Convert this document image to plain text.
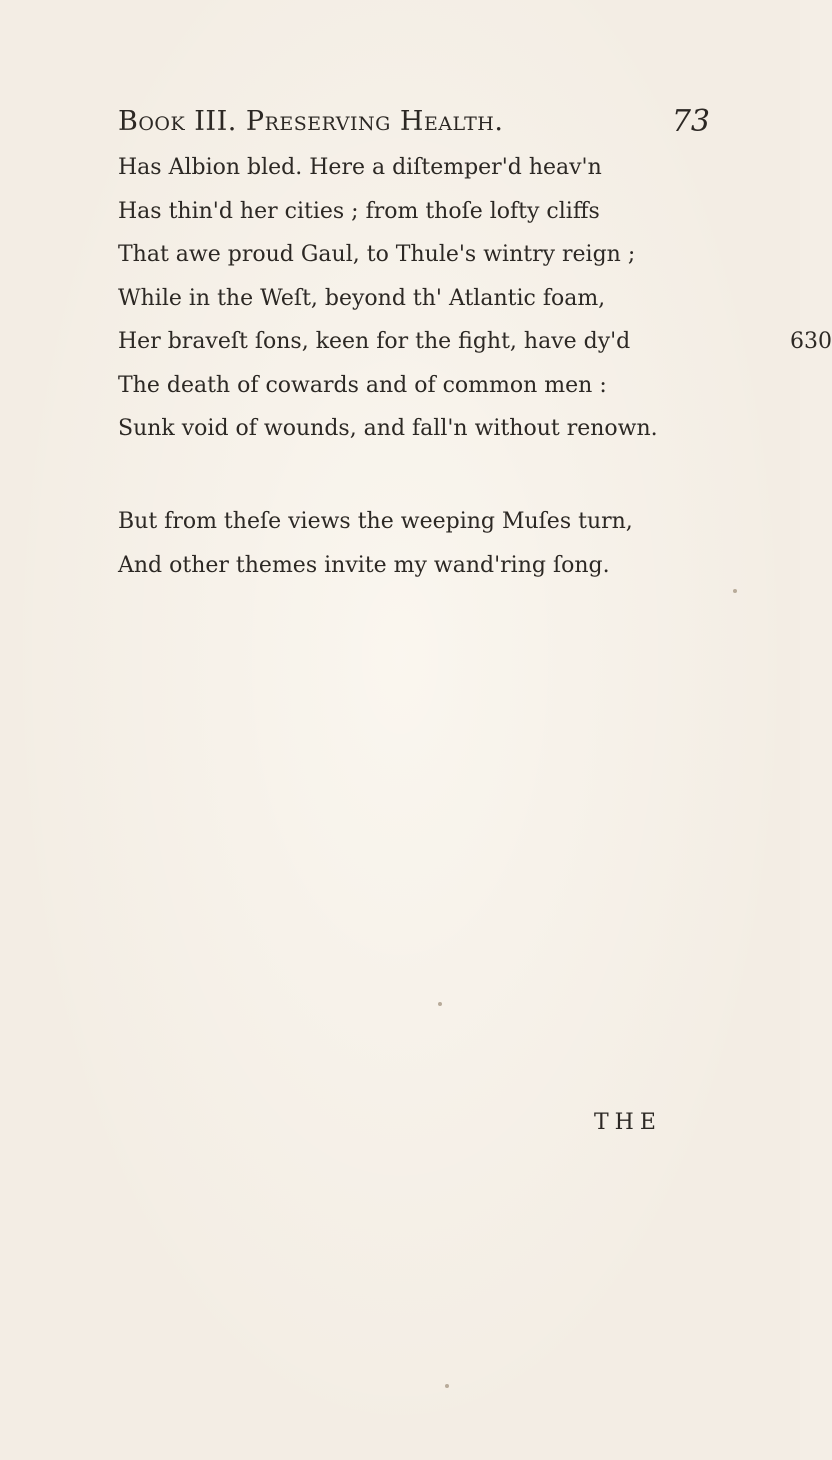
Book III. Preserving Health.	73
Has Albion bled. Here a diſtemper'd heav'n
Has thin'd her cities ; from thoſe lofty cliffs
That awe proud Gaul, to Thule's wintry reign ;
While in the Weſt, beyond th' Atlantic foam,
Her braveſt ſons, keen for the fight, have dy'd	630
The death of cowards and of common men :
Sunk void of wounds, and fall'n without renown.
But from theſe views the weeping Muſes turn,
And other themes invite my wand'ring ſong.
THE
